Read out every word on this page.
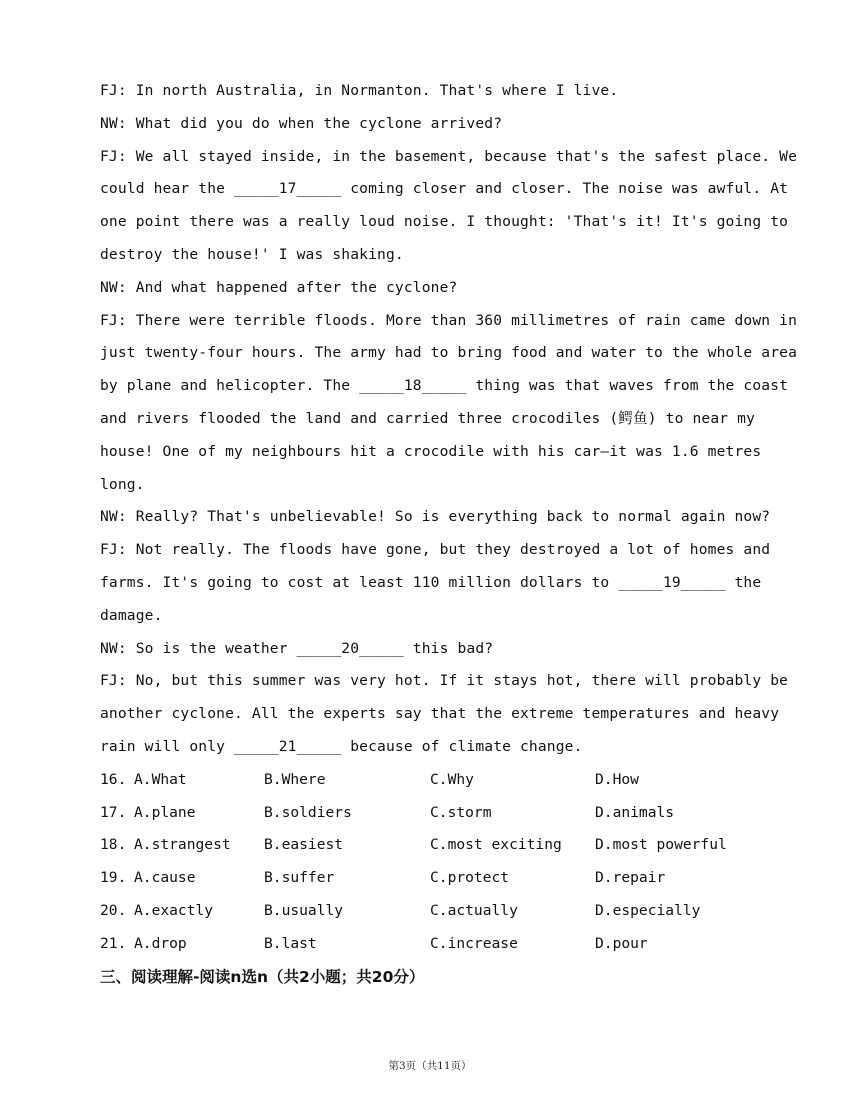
FJ: In north Australia, in Normanton. That's where I live.
NW: What did you do when the cyclone arrived?
FJ: We all stayed inside, in the basement, because that's the safest place. We
could hear the _____17_____ coming closer and closer. The noise was awful. At
one point there was a really loud noise. I thought: 'That's it! It's going to
destroy the house!' I was shaking.
NW: And what happened after the cyclone?
FJ: There were terrible floods. More than 360 millimetres of rain came down in
just twenty-four hours. The army had to bring food and water to the whole area
by plane and helicopter. The _____18_____ thing was that waves from the coast
and rivers flooded the land and carried three crocodiles (鳄鱼) to near my
house! One of my neighbours hit a crocodile with his car—it was 1.6 metres
long.
NW: Really? That's unbelievable! So is everything back to normal again now?
FJ: Not really. The floods have gone, but they destroyed a lot of homes and
farms. It's going to cost at least 110 million dollars to _____19_____ the
damage.
NW: So is the weather _____20_____ this bad?
FJ: No, but this summer was very hot. If it stays hot, there will probably be
another cyclone. All the experts say that the extreme temperatures and heavy
rain will only _____21_____ because of climate change.
16. A.What	B.Where	C.Why	D.How
17. A.plane	B.soldiers	C.storm	D.animals
18. A.strangest B.easiest	C.most exciting D.most powerful
19. A.cause	B.suffer	C.protect	D.repair
20. A.exactly	B.usually	C.actually	D.especially
21. A.drop	B.last	C.increase	D.pour
三、阅读理解-阅读n选n（共2小题；共20分）
第3页（共11页）
